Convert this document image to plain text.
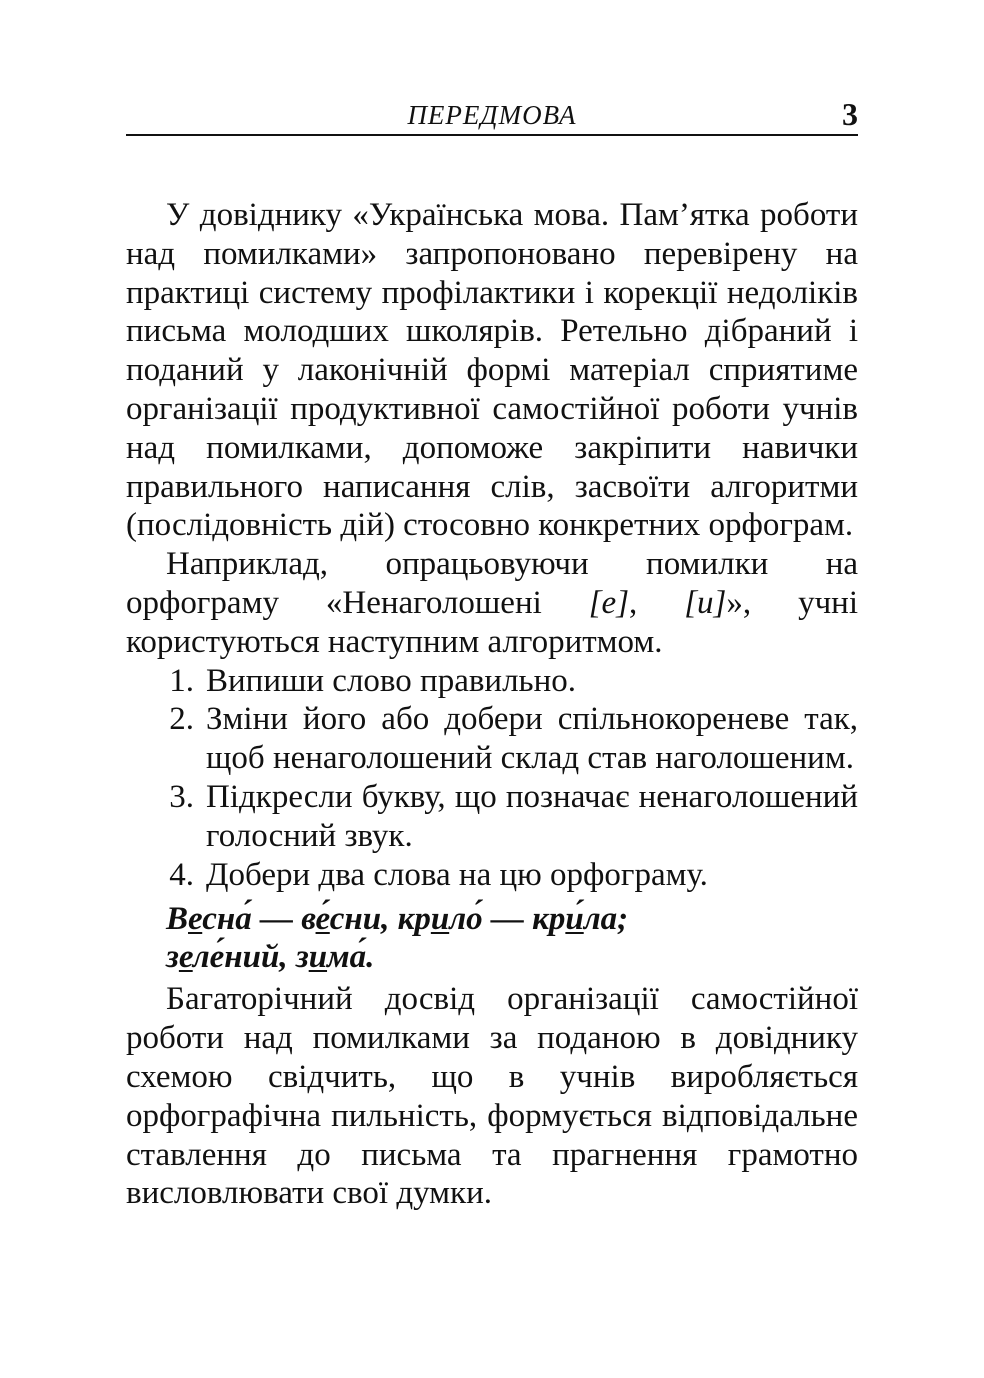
ПЕРЕДМОВА	3

У довіднику «Українська мова. Пам’ятка роботи над помилками» запропоновано перевірену на практиці систему профілактики і корекції недоліків письма молодших школярів. Ретельно дібраний і поданий у лаконічній формі матеріал сприятиме організації продуктивної самостійної роботи учнів над помилками, допоможе закріпити навички правильного написання слів, засвоїти алгоритми (послідовність дій) стосовно конкретних орфограм.

Наприклад, опрацьовуючи помилки на орфограму «Ненаголошені [е], [и]», учні користуються наступним алгоритмом.

1. Випиши слово правильно.
2. Зміни його або добери спільнокореневе так, щоб ненаголошений склад став наголошеним.
3. Підкресли букву, що позначає ненаголошений голосний звук.
4. Добери два слова на цю орфограму.
Весна́ — ве́сни, крило́ — кри́ла;
зеле́ний, зима́.

Багаторічний досвід організації самостійної роботи над помилками за поданою в довіднику схемою свідчить, що в учнів виробляється орфографічна пильність, формується відповідальне ставлення до письма та прагнення грамотно висловлювати свої думки.
